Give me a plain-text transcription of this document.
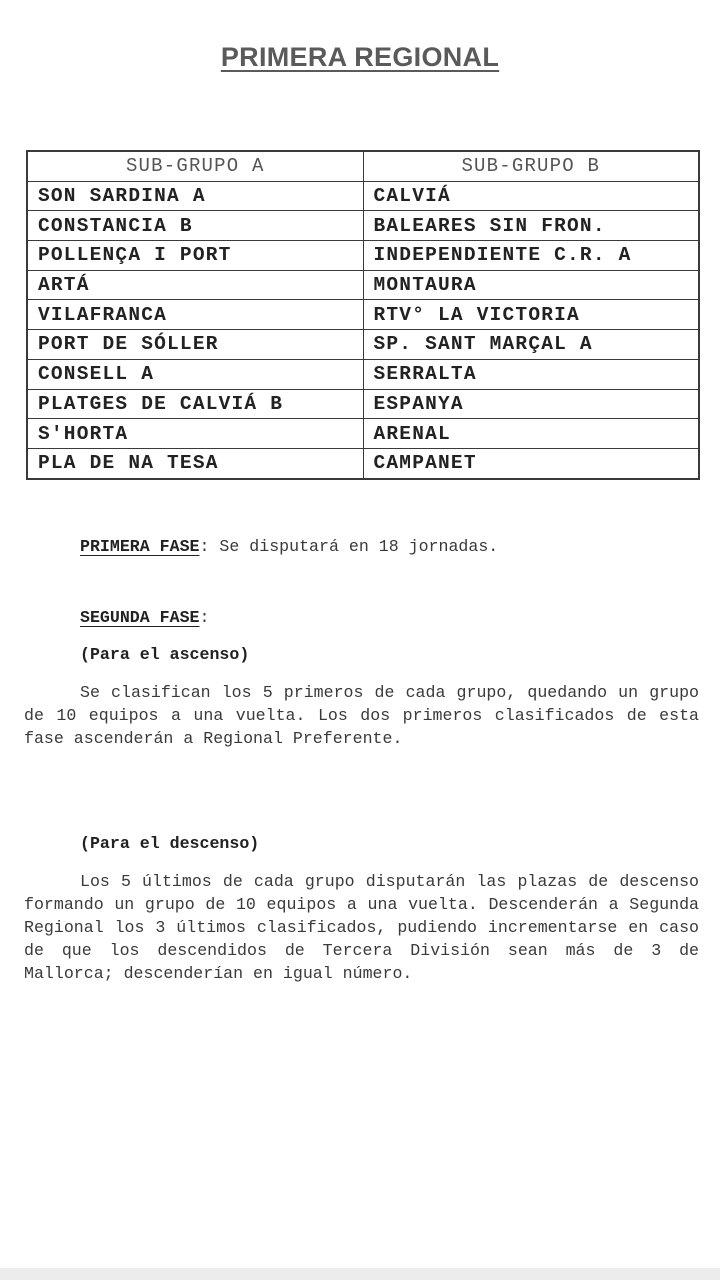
PRIMERA REGIONAL
SUB-GRUPO A	SUB-GRUPO B
SON SARDINA A	CALVIÁ
CONSTANCIA B	BALEARES SIN FRON.
POLLENÇA I PORT	INDEPENDIENTE C.R. A
ARTÁ	MONTAURA
VILAFRANCA	RTV° LA VICTORIA
PORT DE SÓLLER	SP. SANT MARÇAL A
CONSELL A	SERRALTA
PLATGES DE CALVIÁ B	ESPANYA
S'HORTA	ARENAL
PLA DE NA TESA	CAMPANET
PRIMERA FASE: Se disputará en 18 jornadas.
SEGUNDA FASE:
(Para el ascenso)
Se clasifican los 5 primeros de cada grupo, quedando un grupo de 10 equipos a una vuelta. Los dos primeros clasificados de esta fase ascenderán a Regional Preferente.
(Para el descenso)
Los 5 últimos de cada grupo disputarán las plazas de descenso formando un grupo de 10 equipos a una vuelta. Descenderán a Segunda Regional los 3 últimos clasificados, pudiendo incrementarse en caso de que los descendidos de Tercera División sean más de 3 de Mallorca; descenderían en igual número.
